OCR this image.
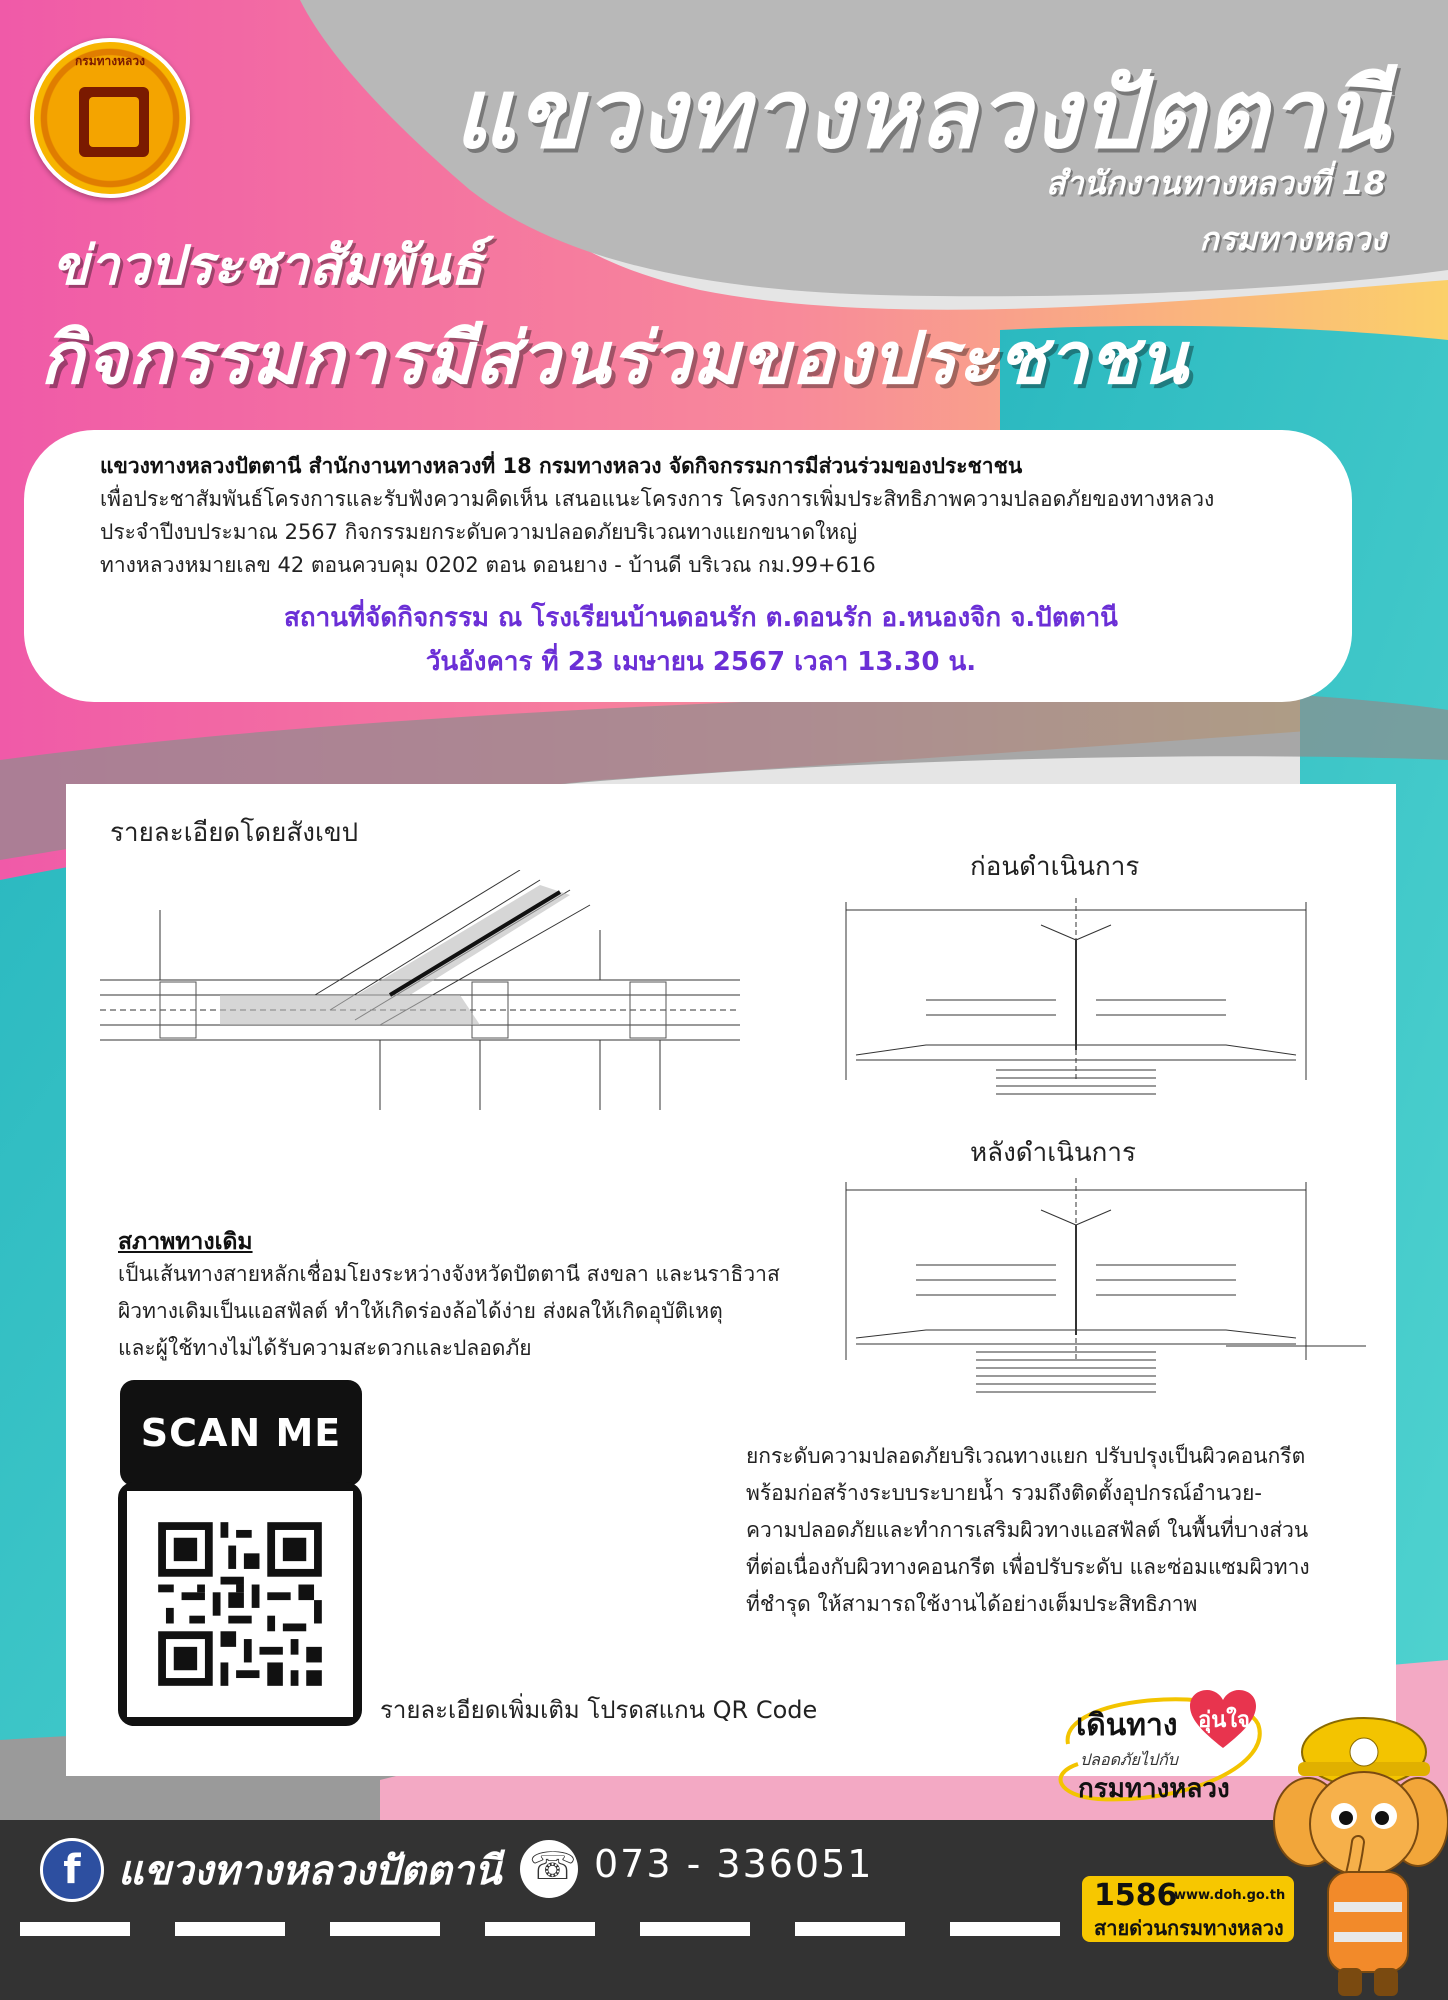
กรมทางหลวง	แขวงทางหลวงปัตตานี
สำนักงานทางหลวงที่ 18
กรมทางหลวง
ข่าวประชาสัมพันธ์
กิจกรรมการมีส่วนร่วมของประชาชน
แขวงทางหลวงปัตตานี สำนักงานทางหลวงที่ 18 กรมทางหลวง จัดกิจกรรมการมีส่วนร่วมของประชาชน
เพื่อประชาสัมพันธ์โครงการและรับฟังความคิดเห็น เสนอแนะโครงการ โครงการเพิ่มประสิทธิภาพความปลอดภัยของทางหลวง
ประจำปีงบประมาณ 2567 กิจกรรมยกระดับความปลอดภัยบริเวณทางแยกขนาดใหญ่
ทางหลวงหมายเลข 42 ตอนควบคุม 0202 ตอน ดอนยาง - บ้านดี บริเวณ กม.99+616
สถานที่จัดกิจกรรม ณ โรงเรียนบ้านดอนรัก ต.ดอนรัก อ.หนองจิก จ.ปัตตานี
วันอังคาร ที่ 23 เมษายน 2567 เวลา 13.30 น.
รายละเอียดโดยสังเขป
ก่อนดำเนินการ
หลังดำเนินการ
สภาพทางเดิม
เป็นเส้นทางสายหลักเชื่อมโยงระหว่างจังหวัดปัตตานี สงขลา และนราธิวาส
ผิวทางเดิมเป็นแอสฟัลต์ ทำให้เกิดร่องล้อได้ง่าย ส่งผลให้เกิดอุบัติเหตุ
และผู้ใช้ทางไม่ได้รับความสะดวกและปลอดภัย
SCAN ME
รายละเอียดเพิ่มเติม โปรดสแกน QR Code
ยกระดับความปลอดภัยบริเวณทางแยก ปรับปรุงเป็นผิวคอนกรีต
พร้อมก่อสร้างระบบระบายน้ำ รวมถึงติดตั้งอุปกรณ์อำนวย-
ความปลอดภัยและทำการเสริมผิวทางแอสฟัลต์ ในพื้นที่บางส่วน
ที่ต่อเนื่องกับผิวทางคอนกรีต เพื่อปรับระดับ และซ่อมแซมผิวทาง
ที่ชำรุด ให้สามารถใช้งานได้อย่างเต็มประสิทธิภาพ
เดินทาง อุ่นใจ
ปลอดภัยไปกับ
กรมทางหลวง
f แขวงทางหลวงปัตตานี ☏ 073 - 336051
1586
www.doh.go.th
สายด่วนกรมทางหลวง
